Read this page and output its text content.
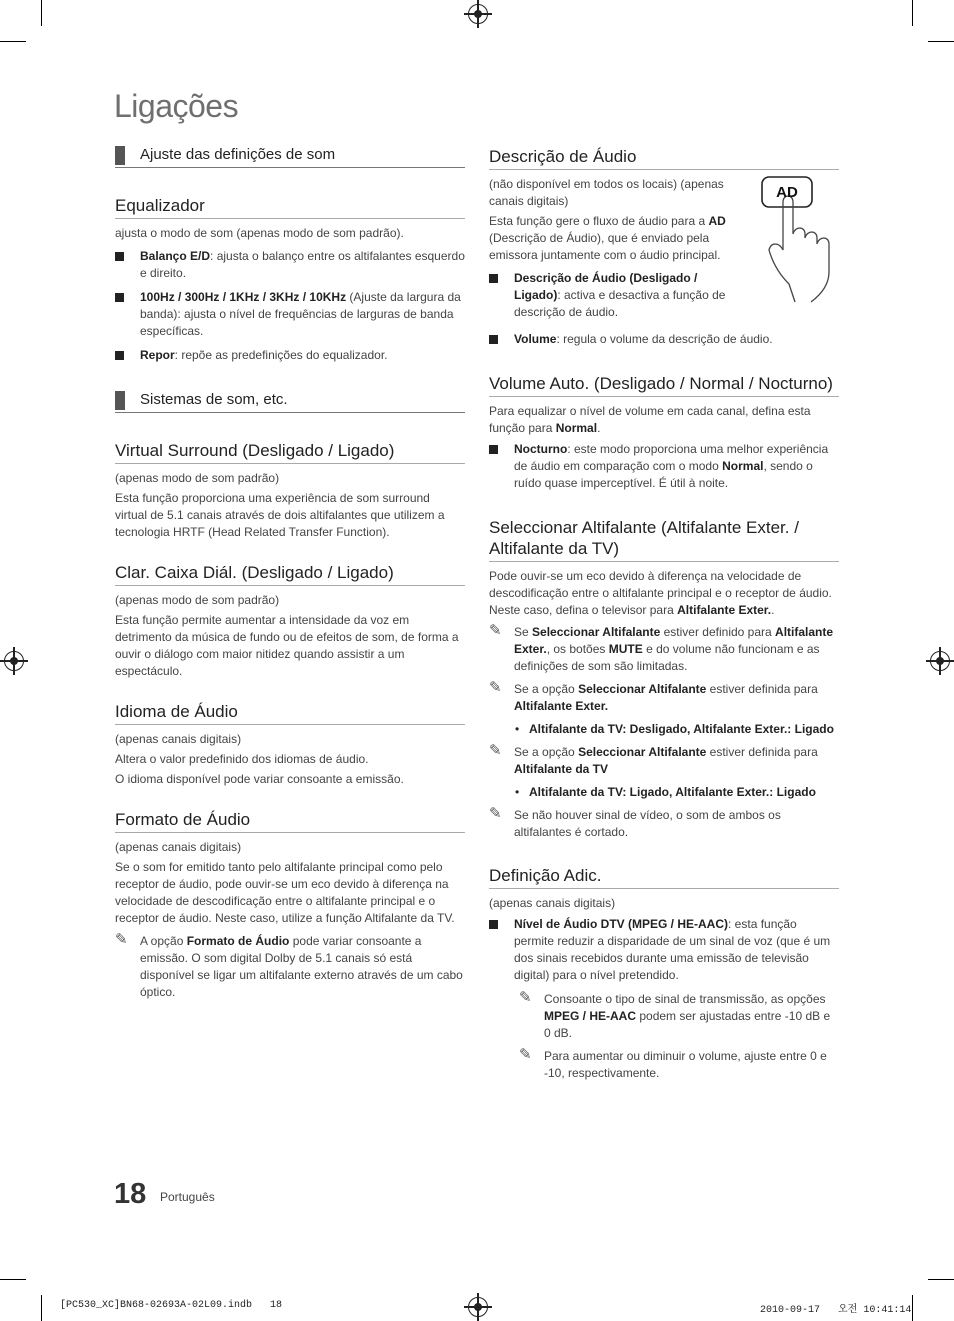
Ligações
Ajuste das definições de som
Equalizador

ajusta o modo de som (apenas modo de som padrão).

Balanço E/D: ajusta o balanço entre os altifalantes esquerdo e direito.
100Hz / 300Hz / 1KHz / 3KHz / 10KHz (Ajuste da largura da banda): ajusta o nível de frequências de larguras de banda específicas.
Repor: repõe as predefinições do equalizador.
Sistemas de som, etc.
Virtual Surround (Desligado / Ligado)

(apenas modo de som padrão)

Esta função proporciona uma experiência de som surround virtual de 5.1 canais através de dois altifalantes que utilizem a tecnologia HRTF (Head Related Transfer Function).

Clar. Caixa Diál. (Desligado / Ligado)

(apenas modo de som padrão)

Esta função permite aumentar a intensidade da voz em detrimento da música de fundo ou de efeitos de som, de forma a ouvir o diálogo com maior nitidez quando assistir a um espectáculo.

Idioma de Áudio

(apenas canais digitais)

Altera o valor predefinido dos idiomas de áudio.

O idioma disponível pode variar consoante a emissão.

Formato de Áudio

(apenas canais digitais)

Se o som for emitido tanto pelo altifalante principal como pelo receptor de áudio, pode ouvir-se um eco devido à diferença na velocidade de descodificação entre o altifalante principal e o receptor de áudio. Neste caso, utilize a função Altifalante da TV.

✎ A opção Formato de Áudio pode variar consoante a emissão. O som digital Dolby de 5.1 canais só está disponível se ligar um altifalante externo através de um cabo óptico.
Descrição de Áudio

(não disponível em todos os locais) (apenas canais digitais)

Esta função gere o fluxo de áudio para a AD (Descrição de Áudio), que é enviado pela emissora juntamente com o áudio principal.

Descrição de Áudio (Desligado / Ligado): activa e desactiva a função de descrição de áudio.
Volume: regula o volume da descrição de áudio.
Volume Auto. (Desligado / Normal / Nocturno)

Para equalizar o nível de volume em cada canal, defina esta função para Normal.

Nocturno: este modo proporciona uma melhor experiência de áudio em comparação com o modo Normal, sendo o ruído quase imperceptível. É útil à noite.
Seleccionar Altifalante (Altifalante Exter. / Altifalante da TV)

Pode ouvir-se um eco devido à diferença na velocidade de descodificação entre o altifalante principal e o receptor de áudio. Neste caso, defina o televisor para Altifalante Exter..

✎ Se Seleccionar Altifalante estiver definido para Altifalante Exter., os botões MUTE e do volume não funcionam e as definições de som são limitadas.
✎ Se a opção Seleccionar Altifalante estiver definida para Altifalante Exter.
• Altifalante da TV: Desligado, Altifalante Exter.: Ligado
✎ Se a opção Seleccionar Altifalante estiver definida para Altifalante da TV
• Altifalante da TV: Ligado, Altifalante Exter.: Ligado
✎ Se não houver sinal de vídeo, o som de ambos os altifalantes é cortado.
Definição Adic.

(apenas canais digitais)

Nível de Áudio DTV (MPEG / HE-AAC): esta função permite reduzir a disparidade de um sinal de voz (que é um dos sinais recebidos durante uma emissão de televisão digital) para o nível pretendido.
✎ Consoante o tipo de sinal de transmissão, as opções MPEG / HE-AAC podem ser ajustadas entre -10 dB e 0 dB.
✎ Para aumentar ou diminuir o volume, ajuste entre 0 e -10, respectivamente.
AD
18 Português
[PC530_XC]BN68-02693A-02L09.indb   18	2010-09-17   오전 10:41:14
